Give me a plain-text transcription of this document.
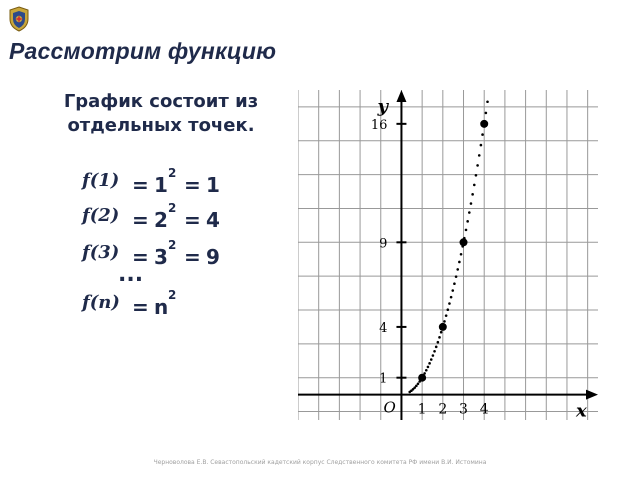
Рассмотрим функцию

График состоит из отдельных точек.

f(1) = 1 2 = 1
f(2) = 2 2 = 4
f(3) = 3 2 = 9
...
f(n) = n 2
1
4
9
16
1 2 3 4	x
y
O

Черноволова Е.В. Севастопольский кадетский корпус Следственного комитета РФ имени В.И. Истомина
